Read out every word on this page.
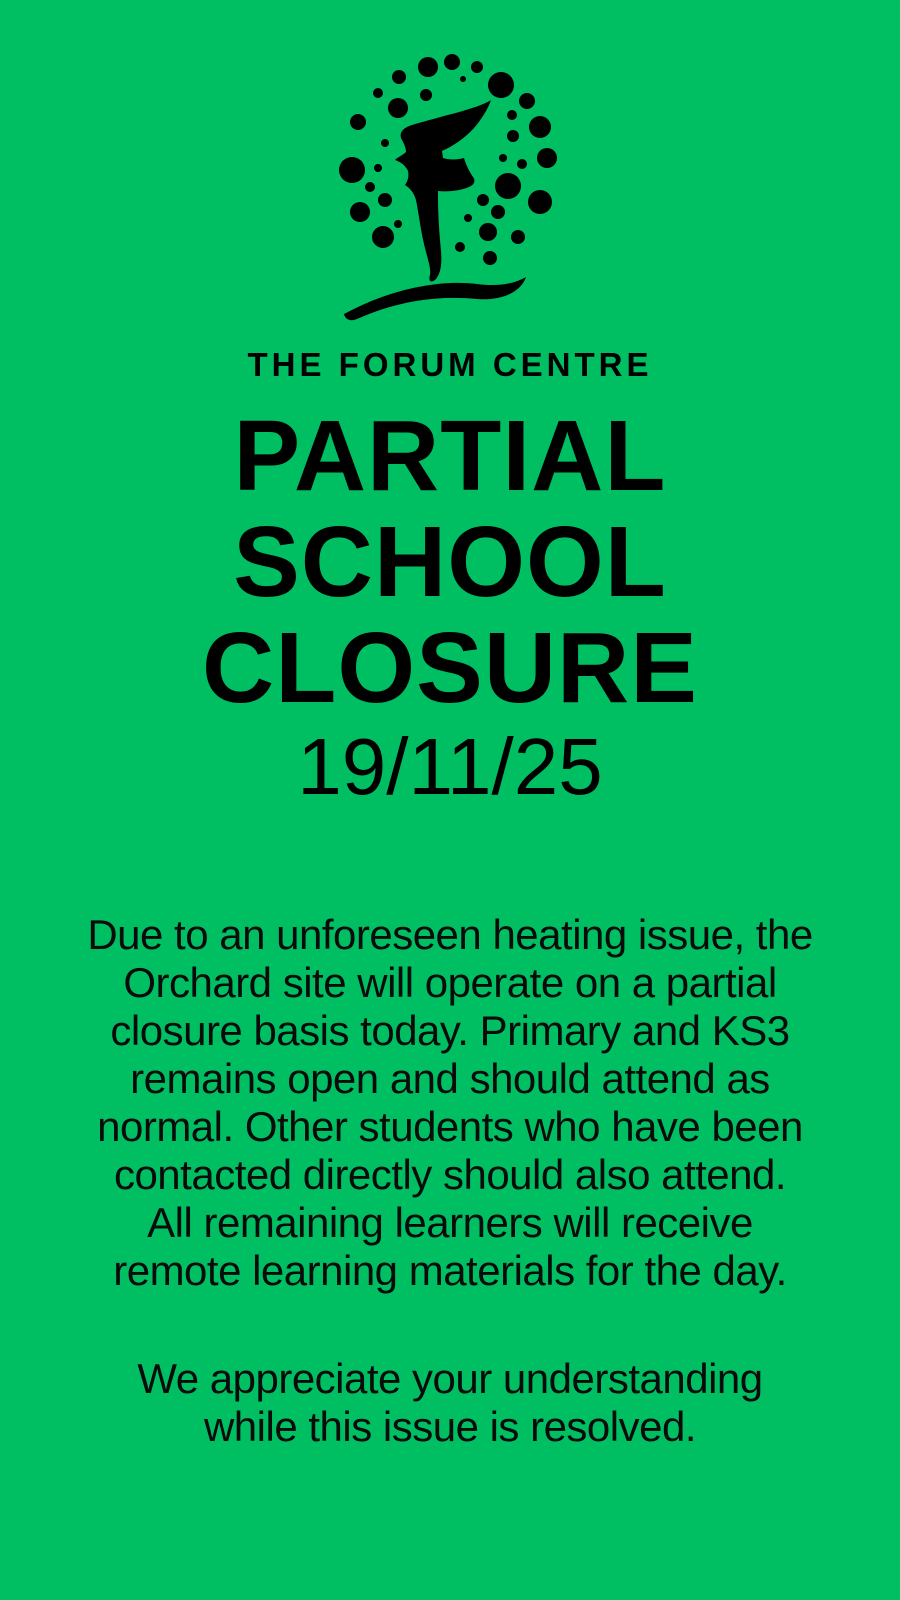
THE FORUM CENTRE
PARTIAL
SCHOOL
CLOSURE
19/11/25

Due to an unforeseen heating issue, the
Orchard site will operate on a partial
closure basis today. Primary and KS3
remains open and should attend as
normal. Other students who have been
contacted directly should also attend.
All remaining learners will receive
remote learning materials for the day.

We appreciate your understanding
while this issue is resolved.
